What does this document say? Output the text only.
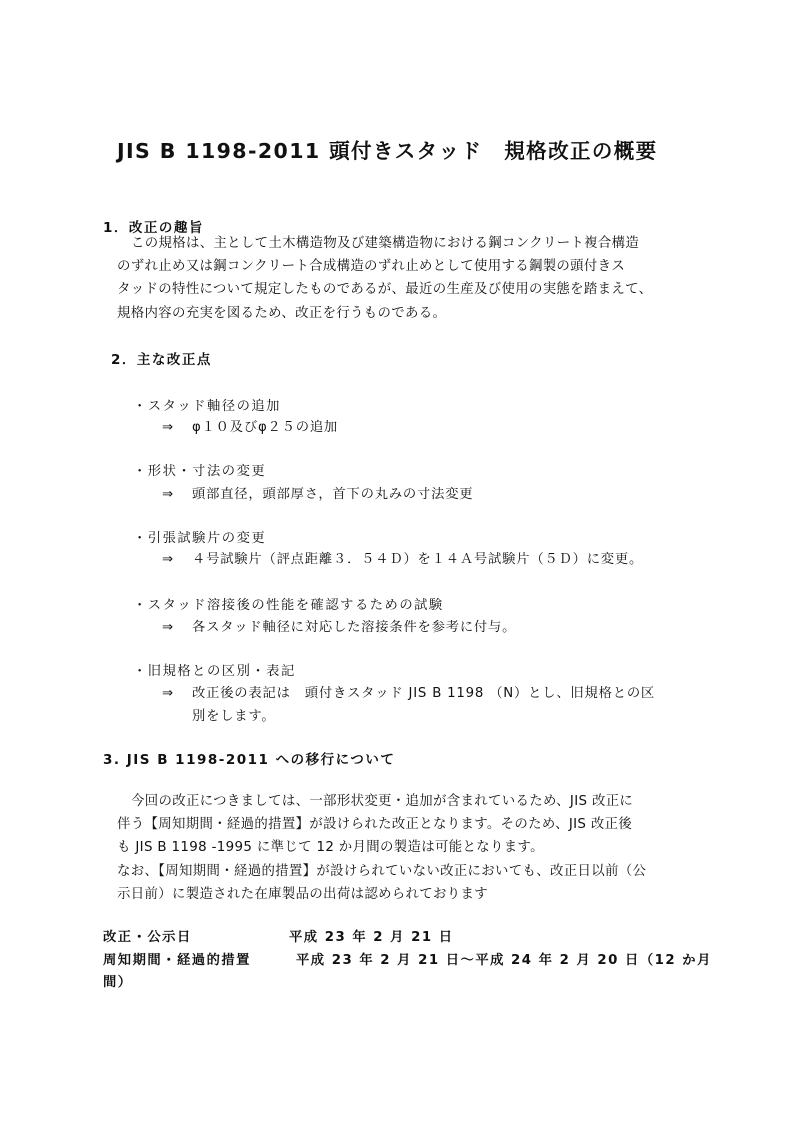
JIS B 1198-2011 頭付きスタッド　規格改正の概要
1．改正の趣旨
この規格は、主として土木構造物及び建築構造物における鋼コンクリート複合構造
のずれ止め又は鋼コンクリート合成構造のずれ止めとして使用する鋼製の頭付きス
タッドの特性について規定したものであるが、最近の生産及び使用の実態を踏まえて、
規格内容の充実を図るため、改正を行うものである。
2．主な改正点
・スタッド軸径の追加
⇒ φ１０及びφ２５の追加
・形状・寸法の変更
⇒ 頭部直径，頭部厚さ，首下の丸みの寸法変更
・引張試験片の変更
⇒ ４号試験片（評点距離３．５４Ｄ）を１４Ａ号試験片（５Ｄ）に変更。
・スタッド溶接後の性能を確認するための試験
⇒ 各スタッド軸径に対応した溶接条件を参考に付与。
・旧規格との区別・表記
⇒ 改正後の表記は　頭付きスタッド JIS B 1198 （N）とし、旧規格との区
別をします。
3. JIS B 1198-2011 への移行について
今回の改正につきましては、一部形状変更・追加が含まれているため、JIS 改正に
伴う【周知期間・経過的措置】が設けられた改正となります。そのため、JIS 改正後
も JIS B 1198 -1995 に準じて 12 か月間の製造は可能となります。
なお、【周知期間・経過的措置】が設けられていない改正においても、改正日以前（公
示日前）に製造された在庫製品の出荷は認められております
改正・公示日	平成 23 年 2 月 21 日
周知期間・経過的措置	平成 23 年 2 月 21 日～平成 24 年 2 月 20 日（12 か月
間）
